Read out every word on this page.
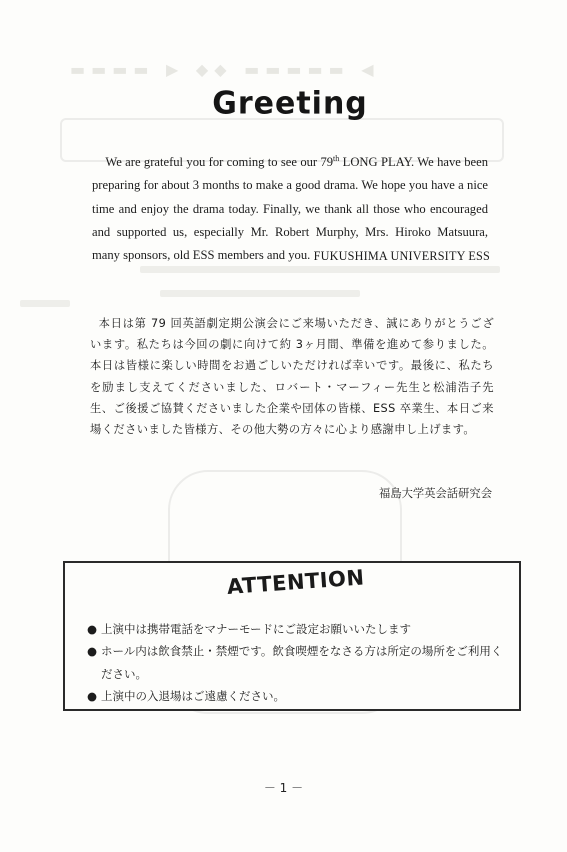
▬▬▬▬ ▶ ◆◆ ▬▬▬▬▬ ◀
Greeting
We are grateful you for coming to see our 79th LONG PLAY. We have been preparing for about 3 months to make a good drama. We hope you have a nice time and enjoy the drama today. Finally, we thank all those who encouraged and supported us, especially Mr. Robert Murphy, Mrs. Hiroko Matsuura, many sponsors, old ESS members and you. FUKUSHIMA UNIVERSITY ESS
本日は第 79 回英語劇定期公演会にご来場いただき、誠にありがとうございます。私たちは今回の劇に向けて約 3ヶ月間、準備を進めて参りました。本日は皆様に楽しい時間をお過ごしいただければ幸いです。最後に、私たちを励まし支えてくださいました、ロバート・マーフィー先生と松浦浩子先生、ご後援ご協賛くださいました企業や団体の皆様、ESS 卒業生、本日ご来場くださいました皆様方、その他大勢の方々に心より感謝申し上げます。
福島大学英会話研究会
ATTENTION
● 上演中は携帯電話をマナーモードにご設定お願いいたします
● ホール内は飲食禁止・禁煙です。飲食喫煙をなさる方は所定の場所をご利用ください。
● 上演中の入退場はご遠慮ください。
－ 1 －
